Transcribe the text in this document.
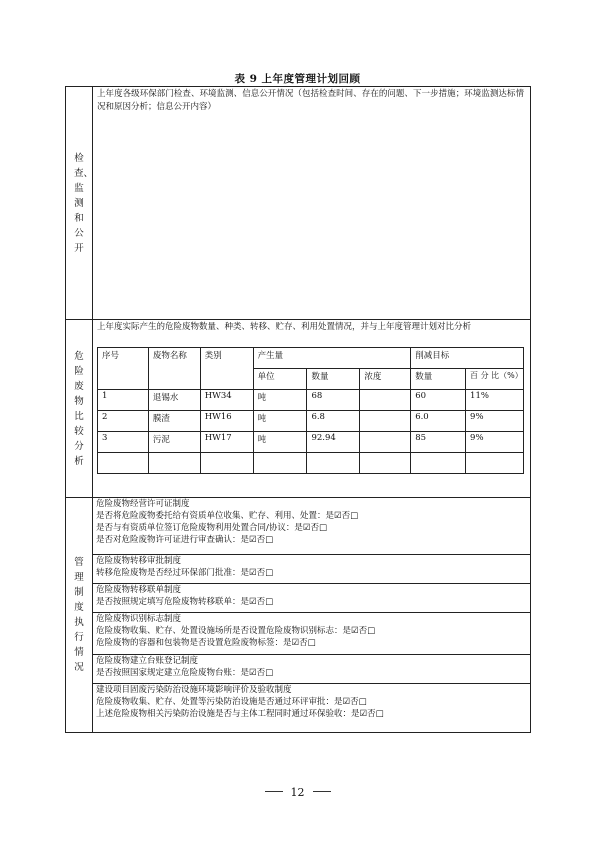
表 9 上年度管理计划回顾
检查、监测和公开
上年度各级环保部门检查、环境监测、信息公开情况（包括检查时间、存在的问题、下一步措施；环境监测达标情况和原因分析；信息公开内容）
危险废物比较分析
上年度实际产生的危险废物数量、种类、转移、贮存、利用处置情况，并与上年度管理计划对比分析
序号	废物名称	类别	产生量			削减目标	
			单位	数量	浓度	数量	百 分 比（%）
1	退锡水	HW34	吨	68		60	11%
2	膜渣	HW16	吨	6.8		6.0	9%
3	污泥	HW17	吨	92.94		85	9%

管理制度执行情况
危险废物经营许可证制度
是否将危险废物委托给有资质单位收集、贮存、利用、处置：是☑否□
是否与有资质单位签订危险废物利用处置合同/协议：是☑否□
是否对危险废物许可证进行审查确认：是☑否□
危险废物转移审批制度
转移危险废物是否经过环保部门批准：是☑否□
危险废物转移联单制度
是否按照规定填写危险废物转移联单：是☑否□
危险废物识别标志制度
危险废物收集、贮存、处置设施场所是否设置危险废物识别标志：是☑否□
危险废物的容器和包装物是否设置危险废物标签：是☑否□
危险废物建立台账登记制度
是否按照国家规定建立危险废物台账：是☑否□
建设项目固废污染防治设施环境影响评价及验收制度
危险废物收集、贮存、处置等污染防治设施是否通过环评审批：是☑否□
上述危险废物相关污染防治设施是否与主体工程同时通过环保验收：是☑否□
12
